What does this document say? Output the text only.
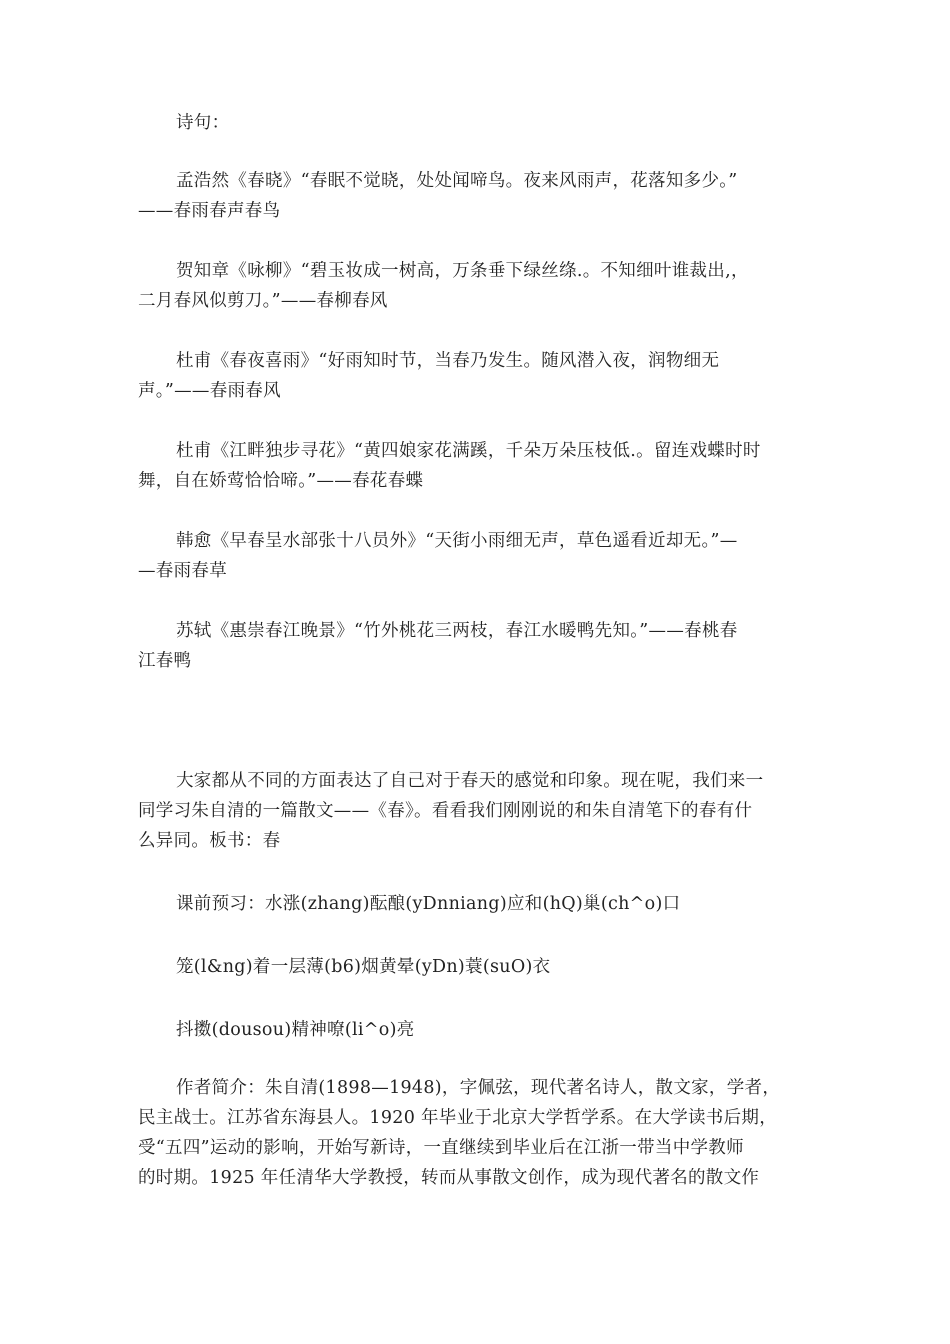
诗句：

孟浩然《春晓》“春眠不觉晓，处处闻啼鸟。夜来风雨声，花落知多少。”
——春雨春声春鸟

贺知章《咏柳》“碧玉妆成一树高，万条垂下绿丝绦.。不知细叶谁裁出,，
二月春风似剪刀。”——春柳春风

杜甫《春夜喜雨》“好雨知时节，当春乃发生。随风潜入夜，润物细无
声。”——春雨春风

杜甫《江畔独步寻花》“黄四娘家花满蹊，千朵万朵压枝低.。留连戏蝶时时
舞，自在娇莺恰恰啼。”——春花春蝶

韩愈《早春呈水部张十八员外》“天街小雨细无声，草色遥看近却无。”—
—春雨春草

苏轼《惠崇春江晚景》“竹外桃花三两枝，春江水暖鸭先知。”——春桃春
江春鸭

大家都从不同的方面表达了自己对于春天的感觉和印象。现在呢，我们来一
同学习朱自清的一篇散文——《春》。看看我们刚刚说的和朱自清笔下的春有什
么异同。板书：春

课前预习：水涨(zhang)酝酿(yDnniang)应和(hQ)巢(ch^o)口

笼(l&ng)着一层薄(b6)烟黄晕(yDn)蓑(suO)衣

抖擞(dousou)精神嘹(li^o)亮

作者简介：朱自清(1898—1948)，字佩弦，现代著名诗人，散文家，学者，
民主战士。江苏省东海县人。1920 年毕业于北京大学哲学系。在大学读书后期，
受“五四”运动的影响，开始写新诗，一直继续到毕业后在江浙一带当中学教师
的时期。1925 年任清华大学教授，转而从事散文创作，成为现代著名的散文作
